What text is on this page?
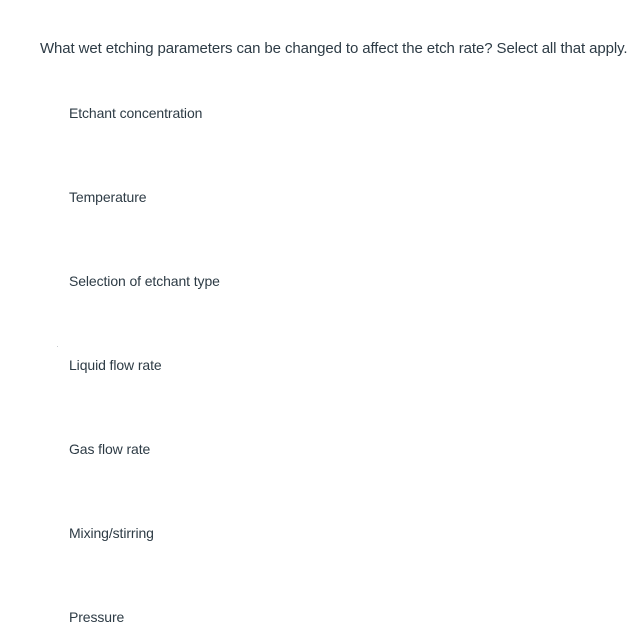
What wet etching parameters can be changed to affect the etch rate? Select all that apply.
Etchant concentration
Temperature
Selection of etchant type
Liquid flow rate
Gas flow rate
Mixing/stirring
Pressure
